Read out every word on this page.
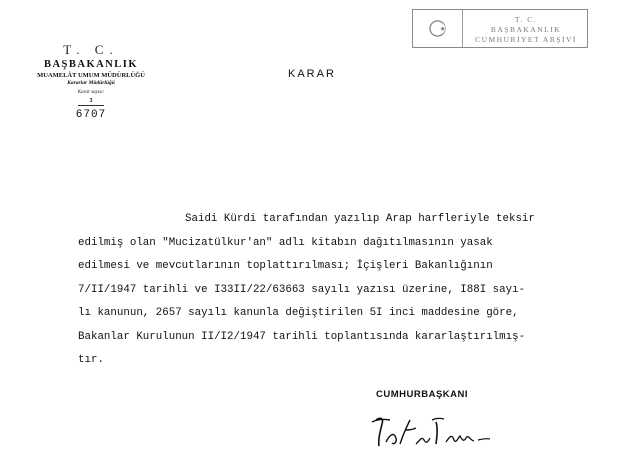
T. C.
BAŞBAKANLIK
MUAMELÂT UMUM MÜDÜRLÜĞÜ
Kararlar Müdürlüğü
Karar sayısı:
3
6707
T. C.
BAŞBAKANLIK
CUMHURİYET ARŞİVİ
KARAR
Saidi Kürdi tarafından yazılıp Arap harfleriyle teksir
edilmiş olan "Mucizatülkur'an" adlı kitabın dağıtılmasının yasak
edilmesi ve mevcutlarının toplattırılması; İçişleri Bakanlığının
7/II/1947 tarihli ve I33II/22/63663 sayılı yazısı üzerine, I88I sayı-
lı kanunun, 2657 sayılı kanunla değiştirilen 5I inci maddesine göre,
Bakanlar Kurulunun II/I2/1947 tarihli toplantısında kararlaştırılmış-
tır.
CUMHURBAŞKANI
